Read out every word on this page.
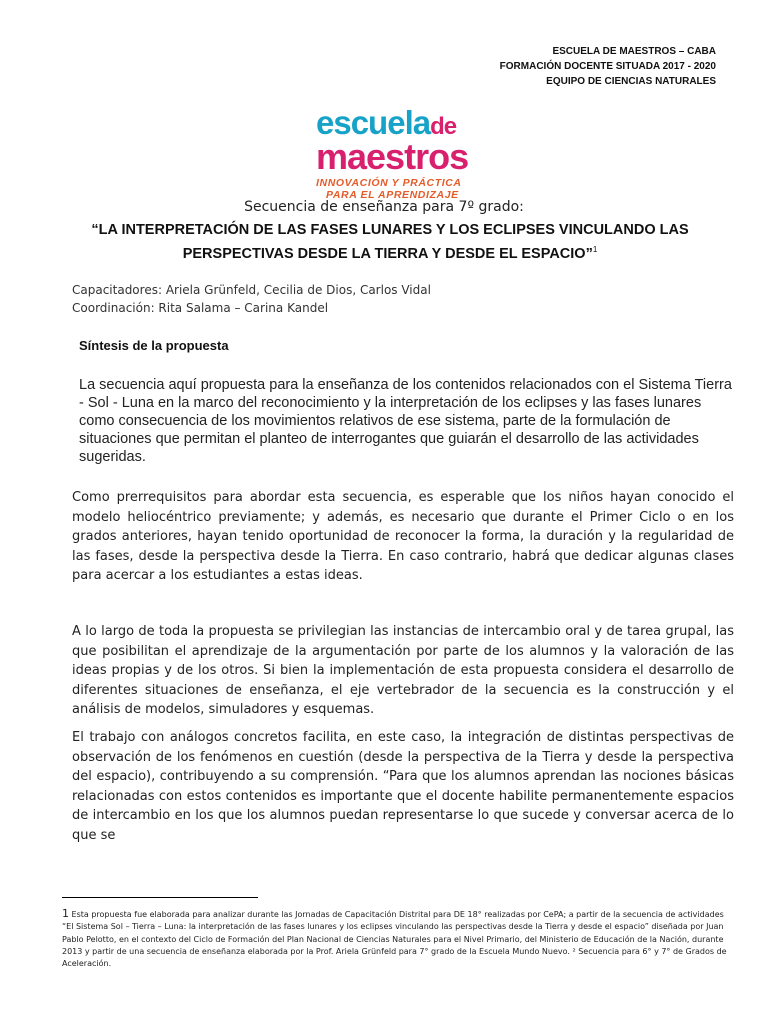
ESCUELA DE MAESTROS – CABA
FORMACIÓN DOCENTE SITUADA 2017 - 2020
EQUIPO DE CIENCIAS NATURALES
escuelade
maestros
INNOVACIÓN Y PRÁCTICA
PARA EL APRENDIZAJE
Secuencia de enseñanza para 7º grado:
“LA INTERPRETACIÓN DE LAS FASES LUNARES Y LOS ECLIPSES VINCULANDO LAS
PERSPECTIVAS DESDE LA TIERRA Y DESDE EL ESPACIO”$^1$
Capacitadores: Ariela Grünfeld, Cecilia de Dios, Carlos Vidal
Coordinación: Rita Salama – Carina Kandel
Síntesis de la propuesta
La secuencia aquí propuesta para la enseñanza de los contenidos relacionados con el Sistema Tierra - Sol - Luna en la marco del reconocimiento y la interpretación de los eclipses y las fases lunares como consecuencia de los movimientos relativos de ese sistema, parte de la formulación de situaciones que permitan el planteo de interrogantes que guiarán el desarrollo de las actividades sugeridas.
Como prerrequisitos para abordar esta secuencia, es esperable que los niños hayan conocido el modelo heliocéntrico previamente; y además, es necesario que durante el Primer Ciclo o en los grados anteriores, hayan tenido oportunidad de reconocer la forma, la duración y la regularidad de las fases, desde la perspectiva desde la Tierra. En caso contrario, habrá que dedicar algunas clases para acercar a los estudiantes a estas ideas.
A lo largo de toda la propuesta se privilegian las instancias de intercambio oral y de tarea grupal, las que posibilitan el aprendizaje de la argumentación por parte de los alumnos y la valoración de las ideas propias y de los otros. Si bien la implementación de esta propuesta considera el desarrollo de diferentes situaciones de enseñanza, el eje vertebrador de la secuencia es la construcción y el análisis de modelos, simuladores y esquemas.
El trabajo con análogos concretos facilita, en este caso, la integración de distintas perspectivas de observación de los fenómenos en cuestión (desde la perspectiva de la Tierra y desde la perspectiva del espacio), contribuyendo a su comprensión. “Para que los alumnos aprendan las nociones básicas relacionadas con estos contenidos es importante que el docente habilite permanentemente espacios de intercambio en los que los alumnos puedan representarse lo que sucede y conversar acerca de lo que se
1 Esta propuesta fue elaborada para analizar durante las Jornadas de Capacitación Distrital para DE 18° realizadas por CePA; a partir de la secuencia de actividades “El Sistema Sol – Tierra – Luna: la interpretación de las fases lunares y los eclipses vinculando las perspectivas desde la Tierra y desde el espacio” diseñada por Juan Pablo Pelotto, en el contexto del Ciclo de Formación del Plan Nacional de Ciencias Naturales para el Nivel Primario, del Ministerio de Educación de la Nación, durante 2013 y partir de una secuencia de enseñanza elaborada por la Prof. Ariela Grünfeld para 7° grado de la Escuela Mundo Nuevo. ² Secuencia para 6° y 7° de Grados de Aceleración.
